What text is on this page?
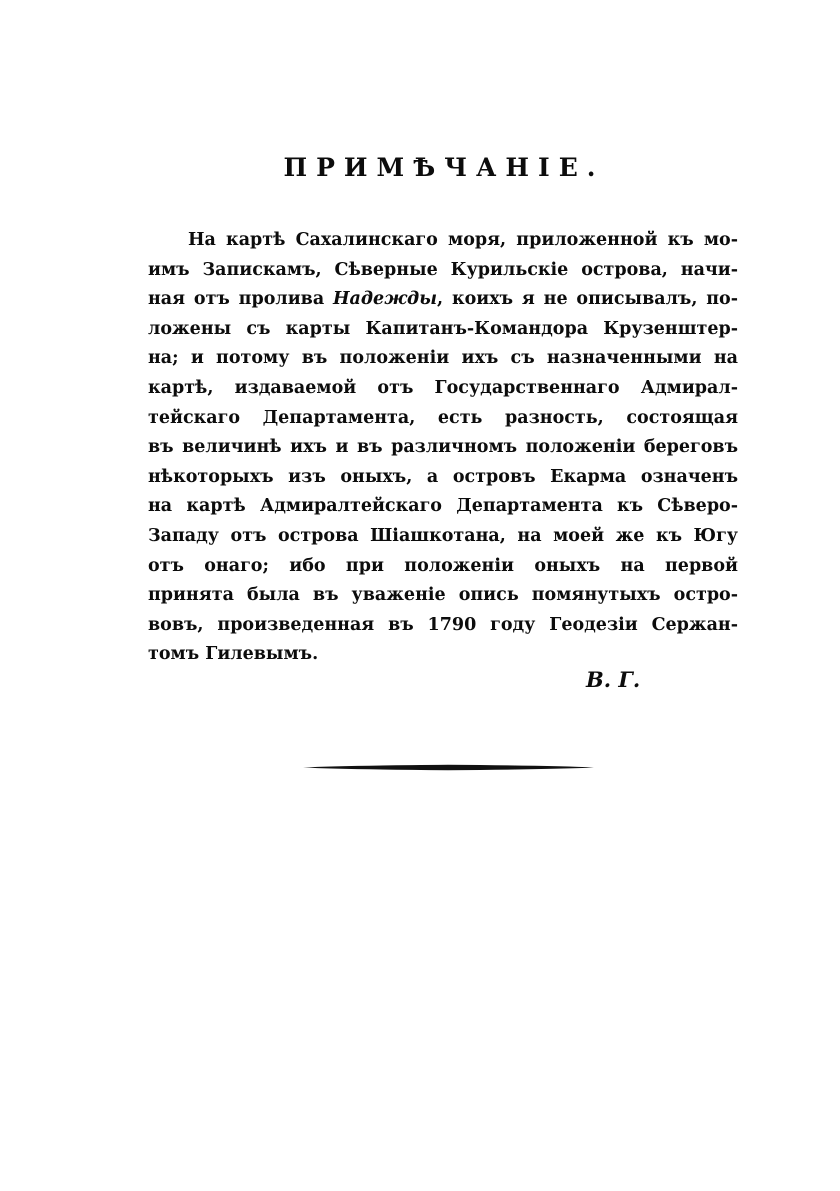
ПРИМѢЧАНІЕ.
На картѣ Сахалинскаго моря, приложенной къ мо-
имъ Запискамъ, Сѣверные Курильскіе острова, начи-
ная отъ пролива Надежды, коихъ я не описывалъ, по-
ложены съ карты Капитанъ-Командора Крузенштер-
на; и потому въ положеніи ихъ съ назначенными на
картѣ, издаваемой отъ Государственнаго Адмирал-
тейскаго Департамента, есть разность, состоящая
въ величинѣ ихъ и въ различномъ положеніи береговъ
нѣкоторыхъ изъ оныхъ, а островъ Екарма означенъ
на картѣ Адмиралтейскаго Департамента къ Сѣверо-
Западу отъ острова Шіашкотана, на моей же къ Югу
отъ онаго; ибо при положеніи оныхъ на первой
принята была въ уваженіе опись помянутыхъ остро-
вовъ, произведенная въ 1790 году Геодезіи Сержан-
томъ Гилевымъ.
В. Г.
